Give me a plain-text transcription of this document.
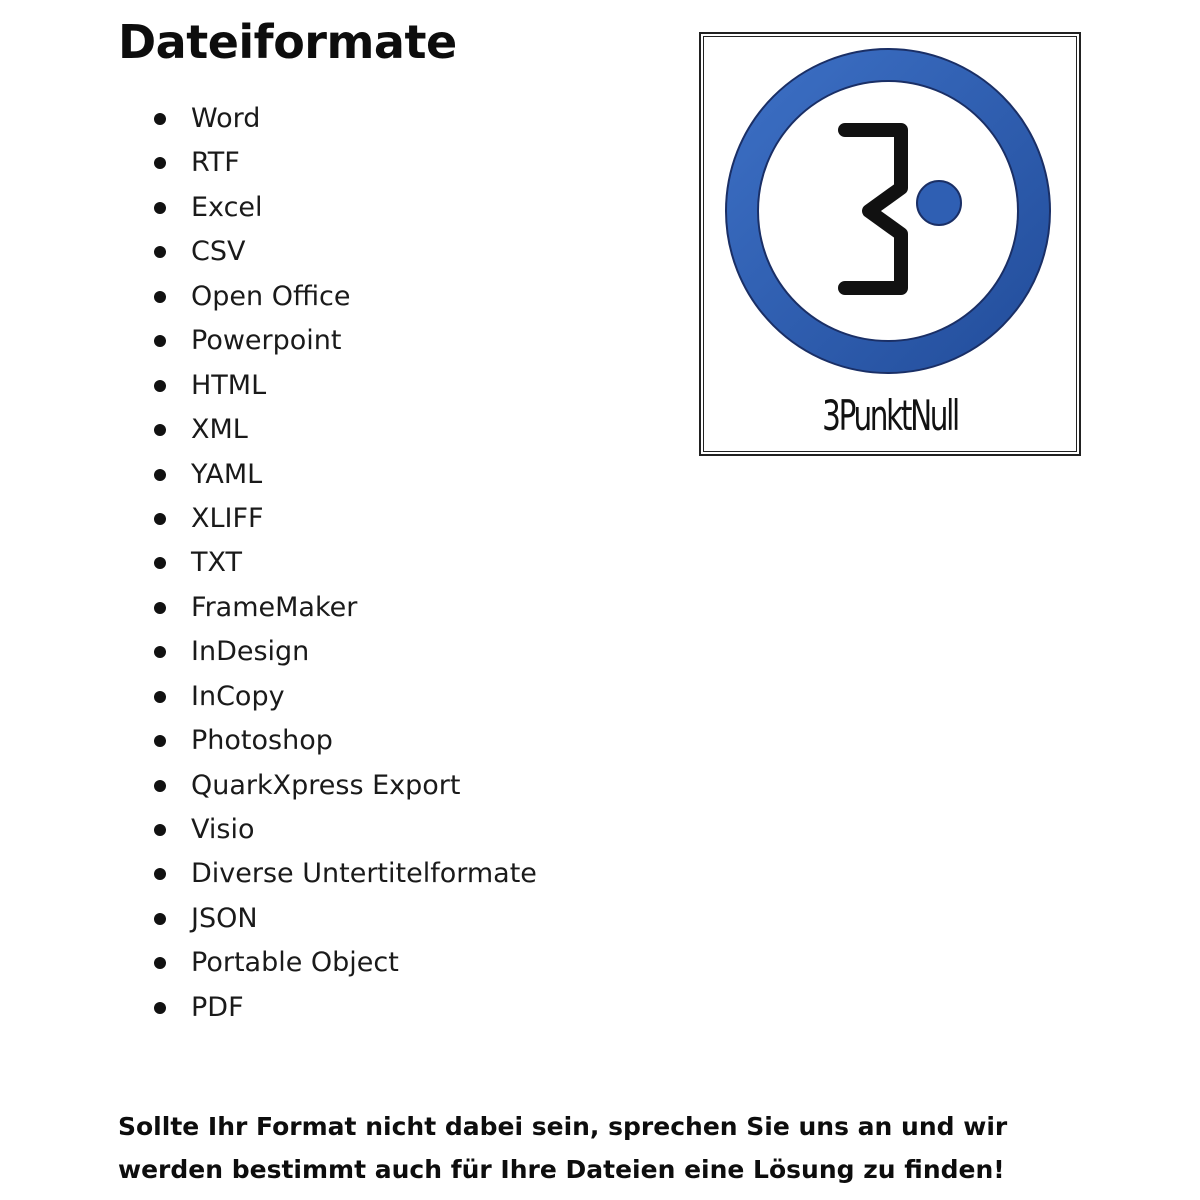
Dateiformate
Word
RTF
Excel
CSV
Open Office
Powerpoint
HTML
XML
YAML
XLIFF
TXT
FrameMaker
InDesign
InCopy
Photoshop
QuarkXpress Export
Visio
Diverse Untertitelformate
JSON
Portable Object
PDF
3PunktNull

Sollte Ihr Format nicht dabei sein, sprechen Sie uns an und wir
werden bestimmt auch für Ihre Dateien eine Lösung zu finden!
